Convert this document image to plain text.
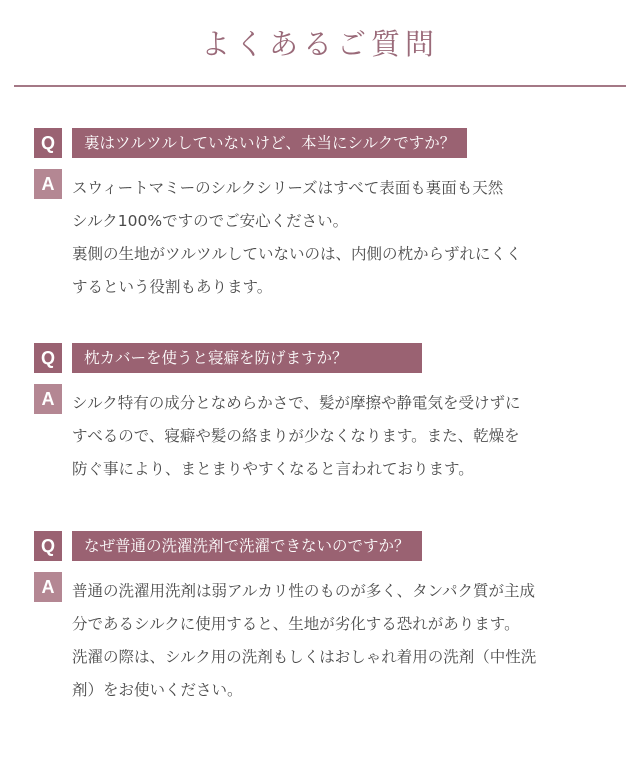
よくあるご質問
Q	裏はツルツルしていないけど、本当にシルクですか？
A	スウィートマミーのシルクシリーズはすべて表面も裏面も天然
シルク100%ですのでご安心ください。
裏側の生地がツルツルしていないのは、内側の枕からずれにくく
するという役割もあります。
Q	枕カバーを使うと寝癖を防げますか？
A	シルク特有の成分となめらかさで、髪が摩擦や静電気を受けずに
すべるので、寝癖や髪の絡まりが少なくなります。また、乾燥を
防ぐ事により、まとまりやすくなると言われております。
Q	なぜ普通の洗濯洗剤で洗濯できないのですか？
A	普通の洗濯用洗剤は弱アルカリ性のものが多く、タンパク質が主成
分であるシルクに使用すると、生地が劣化する恐れがあります。
洗濯の際は、シルク用の洗剤もしくはおしゃれ着用の洗剤（中性洗
剤）をお使いください。
